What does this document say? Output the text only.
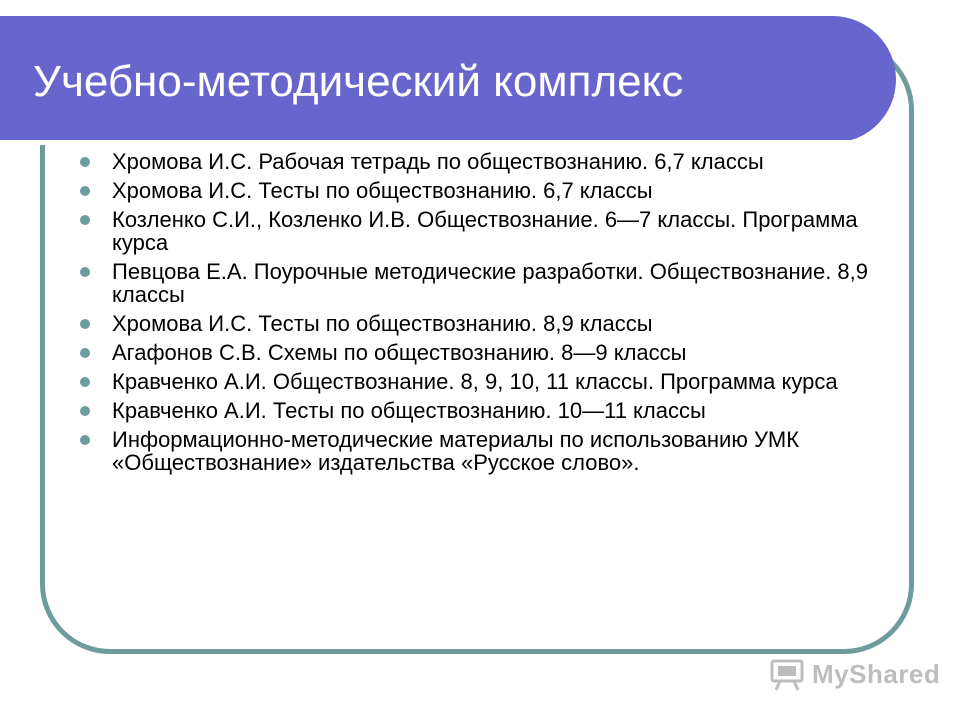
Учебно-методический комплекс
Хромова И.С. Рабочая тетрадь по обществознанию. 6,7 классы
Хромова И.С. Тесты по обществознанию. 6,7 классы
Козленко С.И., Козленко И.В. Обществознание. 6—7 классы. Программа курса
Певцова Е.А. Поурочные методические разработки. Обществознание. 8,9 классы
Хромова И.С. Тесты по обществознанию. 8,9 классы
Агафонов С.В. Схемы по обществознанию. 8—9 классы
Кравченко А.И. Обществознание. 8, 9, 10, 11 классы. Программа курса
Кравченко А.И. Тесты по обществознанию. 10—11 классы
Информационно-методические материалы по использованию УМК «Обществознание» издательства «Русское слово».
MyShared
